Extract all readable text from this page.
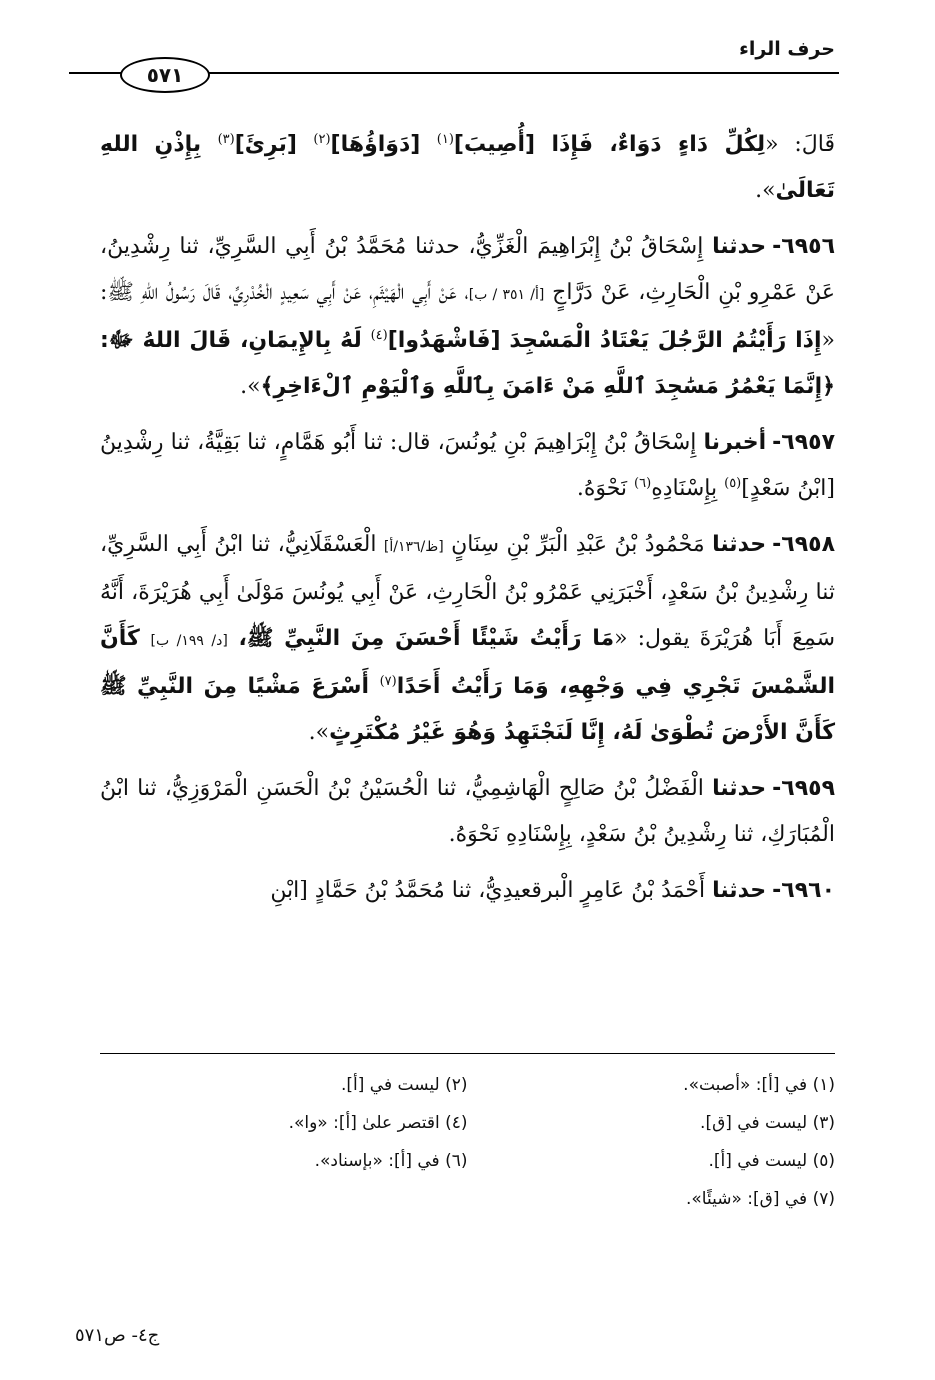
حرف الراء
٥٧١

قَالَ: «لِكُلِّ دَاءٍ دَوَاءٌ، فَإِذَا [أُصِيبَ]$^{(١)}$ [دَوَاؤُهَا]$^{(٢)}$ [بَرِئَ]$^{(٣)}$ بِإِذْنِ اللهِ تَعَالَىٰ».

٦٩٥٦-حدثنا إِسْحَاقُ بْنُ إِبْرَاهِيمَ الْغَزِّيُّ، حدثنا مُحَمَّدُ بْنُ أَبِي السَّرِيِّ، ثنا رِشْدِينُ، عَنْ عَمْرِو بْنِ الْحَارِثِ، عَنْ دَرَّاجٍ [أ/ ٣٥١ / ب]، عَنْ أَبِي الْهَيْثَمِ، عَنْ أَبِي سَعِيدٍ الْخُدْرِيِّ، قَالَ رَسُولُ اللهِ ﷺ: «إِذَا رَأَيْتُمُ الرَّجُلَ يَعْتَادُ الْمَسْجِدَ [فَاشْهَدُوا]$^{(٤)}$ لَهُ بِالإِيمَانِ، قَالَ اللهُ ﷻ: ﴿إِنَّمَا يَعْمُرُ مَسَٰجِدَ ٱللَّهِ مَنْ ءَامَنَ بِٱللَّهِ وَٱلْيَوْمِ ٱلْءَاخِرِ﴾».

٦٩٥٧-أخبرنا إِسْحَاقُ بْنُ إِبْرَاهِيمَ بْنِ يُونُسَ، قال: ثنا أَبُو هَمَّامٍ، ثنا بَقِيَّةُ، ثنا رِشْدِينُ [ابْنُ سَعْدٍ]$^{(٥)}$ بِإِسْنَادِهِ$^{(٦)}$ نَحْوَهُ.

٦٩٥٨-حدثنا مَحْمُودُ بْنُ عَبْدِ الْبَرِّ بْنِ سِنَانٍ [ظ/١٣٦/أ] الْعَسْقَلَانِيُّ، ثنا ابْنُ أَبِي السَّرِيِّ، ثنا رِشْدِينُ بْنُ سَعْدٍ، أَخْبَرَنِي عَمْرُو بْنُ الْحَارِثِ، عَنْ أَبِي يُونُسَ مَوْلَىٰ أَبِي هُرَيْرَةَ، أَنَّهُ سَمِعَ أَبَا هُرَيْرَةَ يقول: «مَا رَأَيْتُ شَيْئًا أَحْسَنَ مِنَ النَّبِيِّ ﷺ، [د/ ١٩٩/ ب] كَأَنَّ الشَّمْسَ تَجْرِي فِي وَجْهِهِ، وَمَا رَأَيْتُ أَحَدًا$^{(٧)}$ أَسْرَعَ مَشْيًا مِنَ النَّبِيِّ ﷺ كَأَنَّ الأَرْضَ تُطْوَىٰ لَهُ، إِنَّا لَنَجْتَهِدُ وَهُوَ غَيْرُ مُكْتَرِثٍ».

٦٩٥٩-حدثنا الْفَضْلُ بْنُ صَالِحٍ الْهَاشِمِيُّ، ثنا الْحُسَيْنُ بْنُ الْحَسَنِ الْمَرْوَزِيُّ، ثنا ابْنُ الْمُبَارَكِ، ثنا رِشْدِينُ بْنُ سَعْدٍ، بِإِسْنَادِهِ نَحْوَهُ.

٦٩٦٠-حدثنا أَحْمَدُ بْنُ عَامِرٍ الْبرقعيدِيُّ، ثنا مُحَمَّدُ بْنُ حَمَّادٍ [ابْنِ

(١) في [أ]: «أصبت».
(٢) ليست في [أ].
(٣) ليست في [ق].
(٤) اقتصر علىٰ [أ]: «وا».
(٥) ليست في [أ].
(٦) في [أ]: «بإسناد».
(٧) في [ق]: «شيئًا».
ج٤- ص٥٧١
